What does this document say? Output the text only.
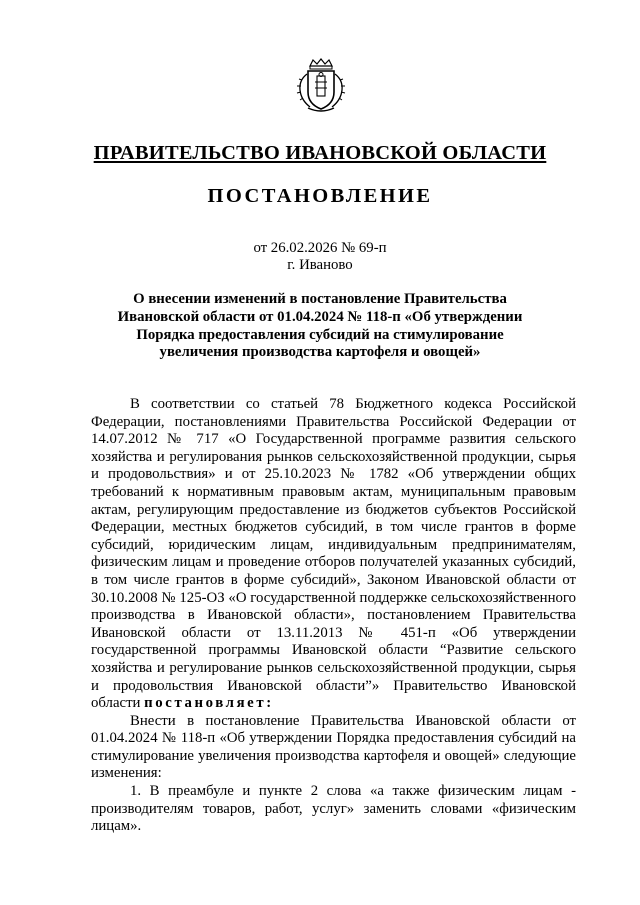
ПРАВИТЕЛЬСТВО ИВАНОВСКОЙ ОБЛАСТИ
ПОСТАНОВЛЕНИЕ
от 26.02.2026 № 69-п
г. Иваново
О внесении изменений в постановление Правительства Ивановской области от 01.04.2024 № 118-п «Об утверждении Порядка предоставления субсидий на стимулирование увеличения производства картофеля и овощей»

В соответствии со статьей 78 Бюджетного кодекса Российской Федерации, постановлениями Правительства Российской Федерации от 14.07.2012 № 717 «О Государственной программе развития сельского хозяйства и регулирования рынков сельскохозяйственной продукции, сырья и продовольствия» и от 25.10.2023 № 1782 «Об утверждении общих требований к нормативным правовым актам, муниципальным правовым актам, регулирующим предоставление из бюджетов субъектов Российской Федерации, местных бюджетов субсидий, в том числе грантов в форме субсидий, юридическим лицам, индивидуальным предпринимателям, физическим лицам и проведение отборов получателей указанных субсидий, в том числе грантов в форме субсидий», Законом Ивановской области от 30.10.2008 № 125-ОЗ «О государственной поддержке сельскохозяйственного производства в Ивановской области», постановлением Правительства Ивановской области от 13.11.2013 № 451-п «Об утверждении государственной программы Ивановской области “Развитие сельского хозяйства и регулирование рынков сельскохозяйственной продукции, сырья и продовольствия Ивановской области”» Правительство Ивановской области постановляет:

Внести в постановление Правительства Ивановской области от 01.04.2024 № 118-п «Об утверждении Порядка предоставления субсидий на стимулирование увеличения производства картофеля и овощей» следующие изменения:

1. В преамбуле и пункте 2 слова «а также физическим лицам - производителям товаров, работ, услуг» заменить словами «физическим лицам».
